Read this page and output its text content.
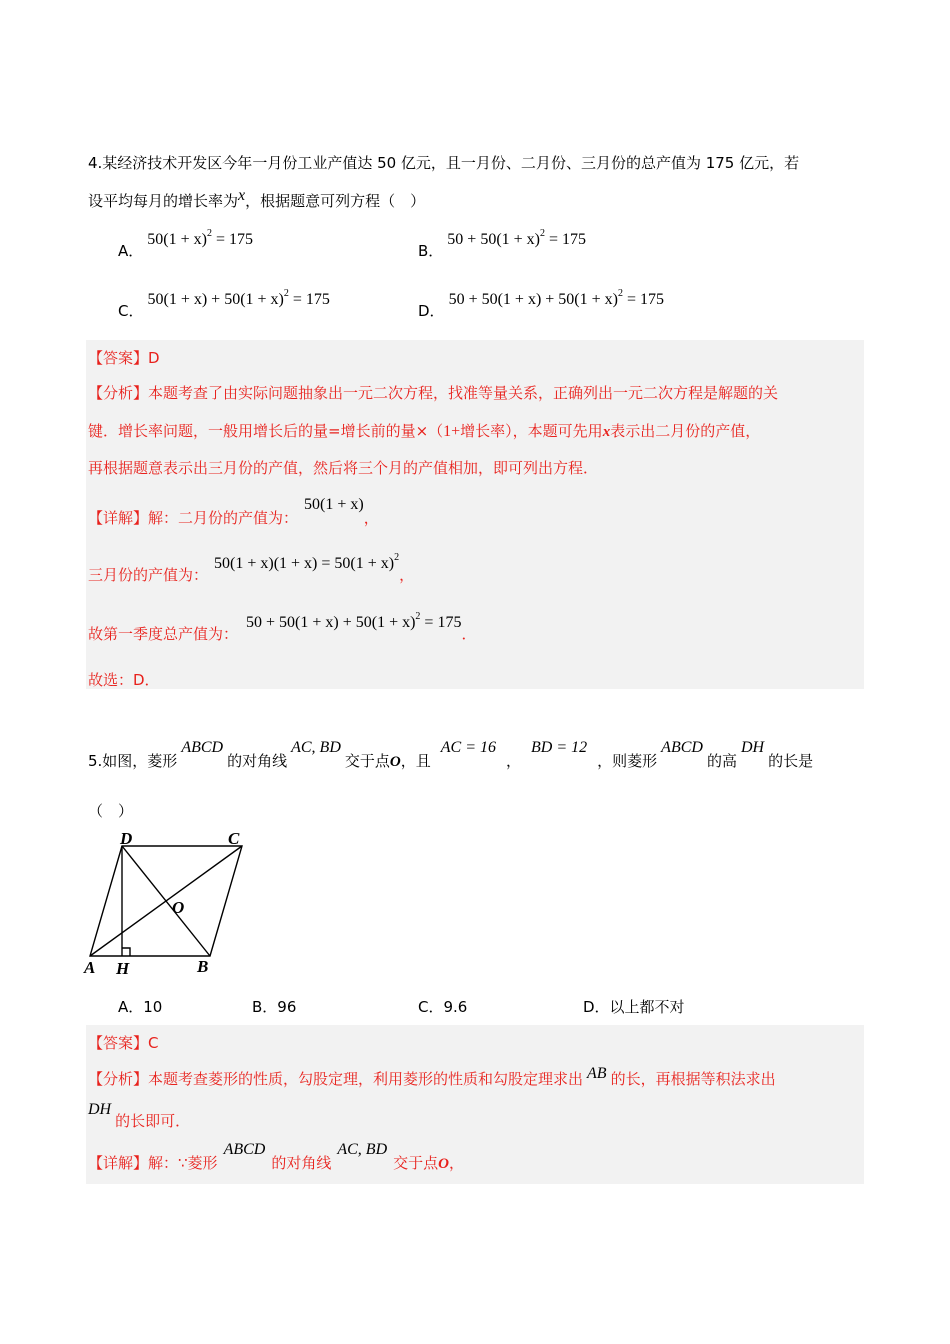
4.某经济技术开发区今年一月份工业产值达 50 亿元，且一月份、二月份、三月份的总产值为 175 亿元，若
设平均每月的增长率为x，根据题意可列方程（　）
A．$50(1 + x)^2 = 175$
B．$50 + 50(1 + x)^2 = 175$
C．$50(1 + x) + 50(1 + x)^2 = 175$
D．$50 + 50(1 + x) + 50(1 + x)^2 = 175$
【答案】D
【分析】本题考查了由实际问题抽象出一元二次方程，找准等量关系，正确列出一元二次方程是解题的关
键．增长率问题，一般用增长后的量=增长前的量×（1+增长率），本题可先用x表示出二月份的产值，
再根据题意表示出三月份的产值，然后将三个月的产值相加，即可列出方程．
【详解】解：二月份的产值为：50(1 + x)，
三月份的产值为：$50(1 + x)(1 + x) = 50(1 + x)^2$，
故第一季度总产值为：$50 + 50(1 + x) + 50(1 + x)^2 = 175$．
故选：D．
5.如图，菱形ABCD的对角线AC, BD交于点O，且AC = 16，BD = 12，则菱形ABCD的高DH的长是
（　）
D	C
O
A H	B
A．10	B．96	C．9.6	D．以上都不对
【答案】C
【分析】本题考查菱形的性质，勾股定理，利用菱形的性质和勾股定理求出 AB 的长，再根据等积法求出
DH的长即可．
【详解】解：∵菱形ABCD的对角线AC, BD交于点O，
